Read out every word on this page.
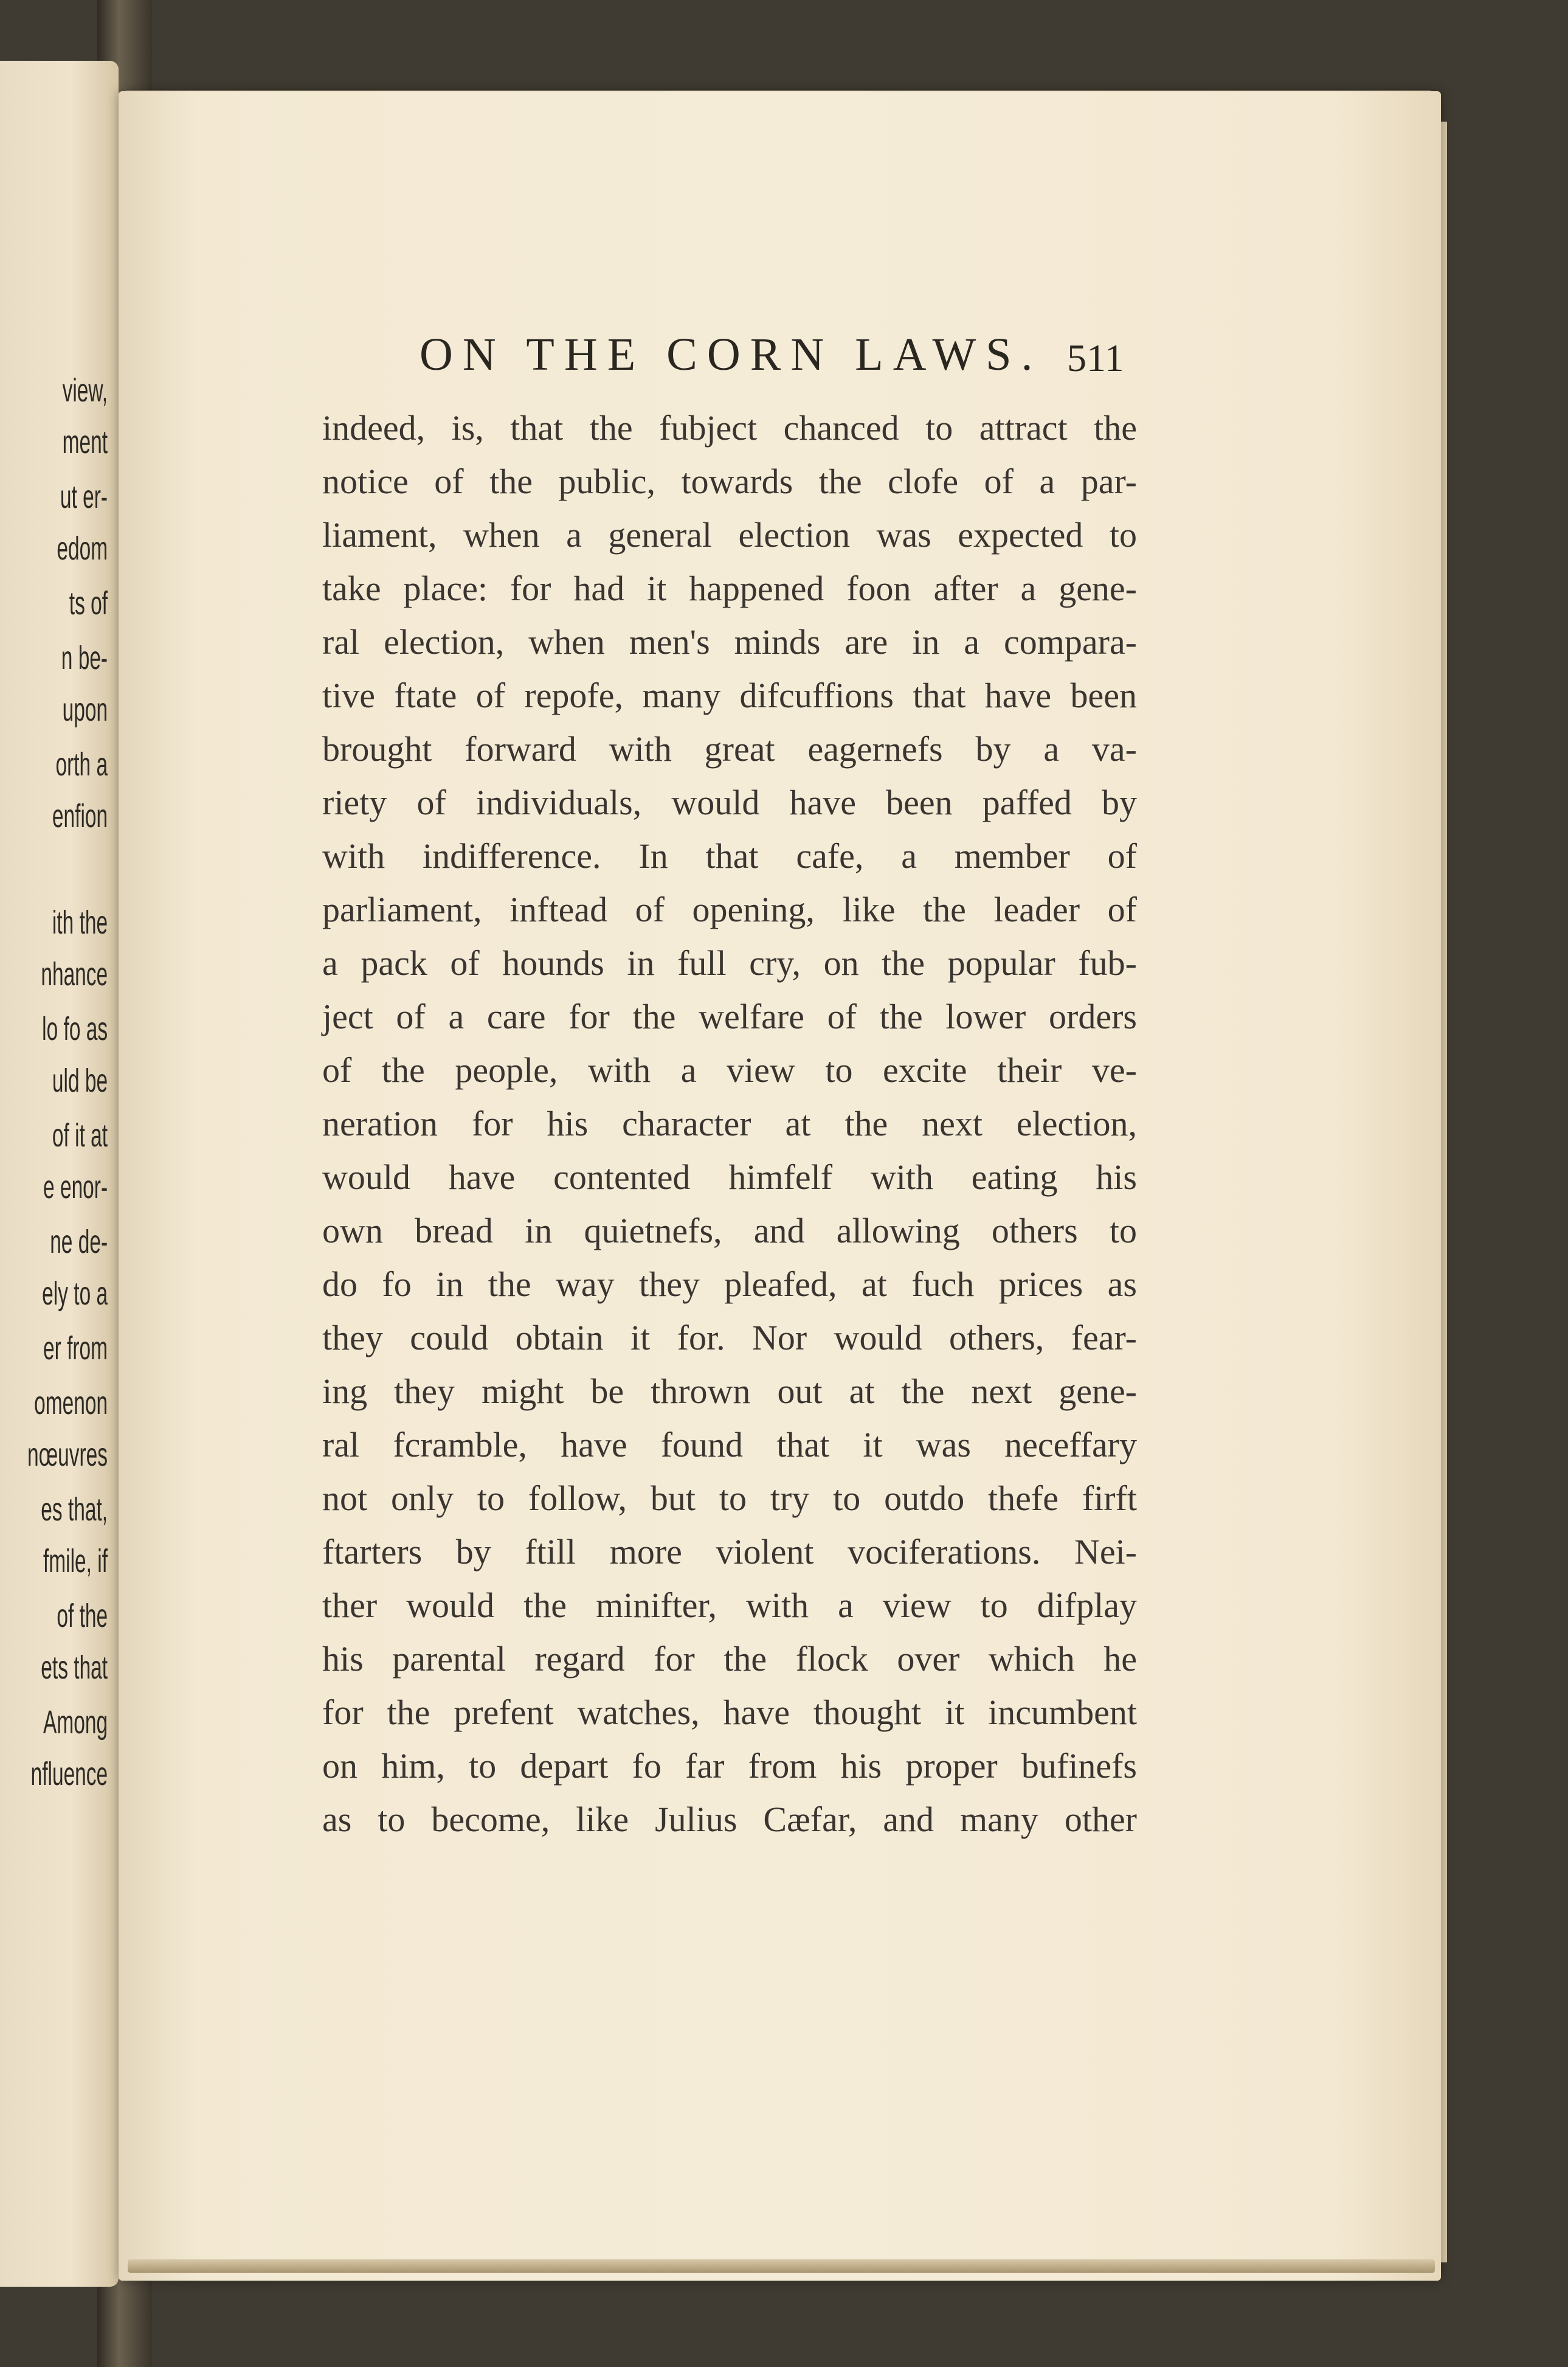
view,
ment
ut er-
edom
ts of
n be-
upon
orth a
enfion
ith the
nhance
lo fo as
uld be
of it at
e enor-
ne de-
ely to a
er from
omenon
nœuvres
es that,
fmile, if
of the
ets that
Among
nfluence
ON THE CORN LAWS. 511
indeed, is, that the fubject chanced to attract the
notice of the public, towards the clofe of a par-
liament, when a general election was expected to
take place: for had it happened foon after a gene-
ral election, when men's minds are in a compara-
tive ftate of repofe, many difcuffions that have been
brought forward with great eagernefs by a va-
riety of individuals, would have been paffed by
with indifference. In that cafe, a member of
parliament, inftead of opening, like the leader of
a pack of hounds in full cry, on the popular fub-
ject of a care for the welfare of the lower orders
of the people, with a view to excite their ve-
neration for his character at the next election,
would have contented himfelf with eating his
own bread in quietnefs, and allowing others to
do fo in the way they pleafed, at fuch prices as
they could obtain it for. Nor would others, fear-
ing they might be thrown out at the next gene-
ral fcramble, have found that it was neceffary
not only to follow, but to try to outdo thefe firft
ftarters by ftill more violent vociferations. Nei-
ther would the minifter, with a view to difplay
his parental regard for the flock over which he
for the prefent watches, have thought it incumbent
on him, to depart fo far from his proper bufinefs
as to become, like Julius Cæfar, and many other
